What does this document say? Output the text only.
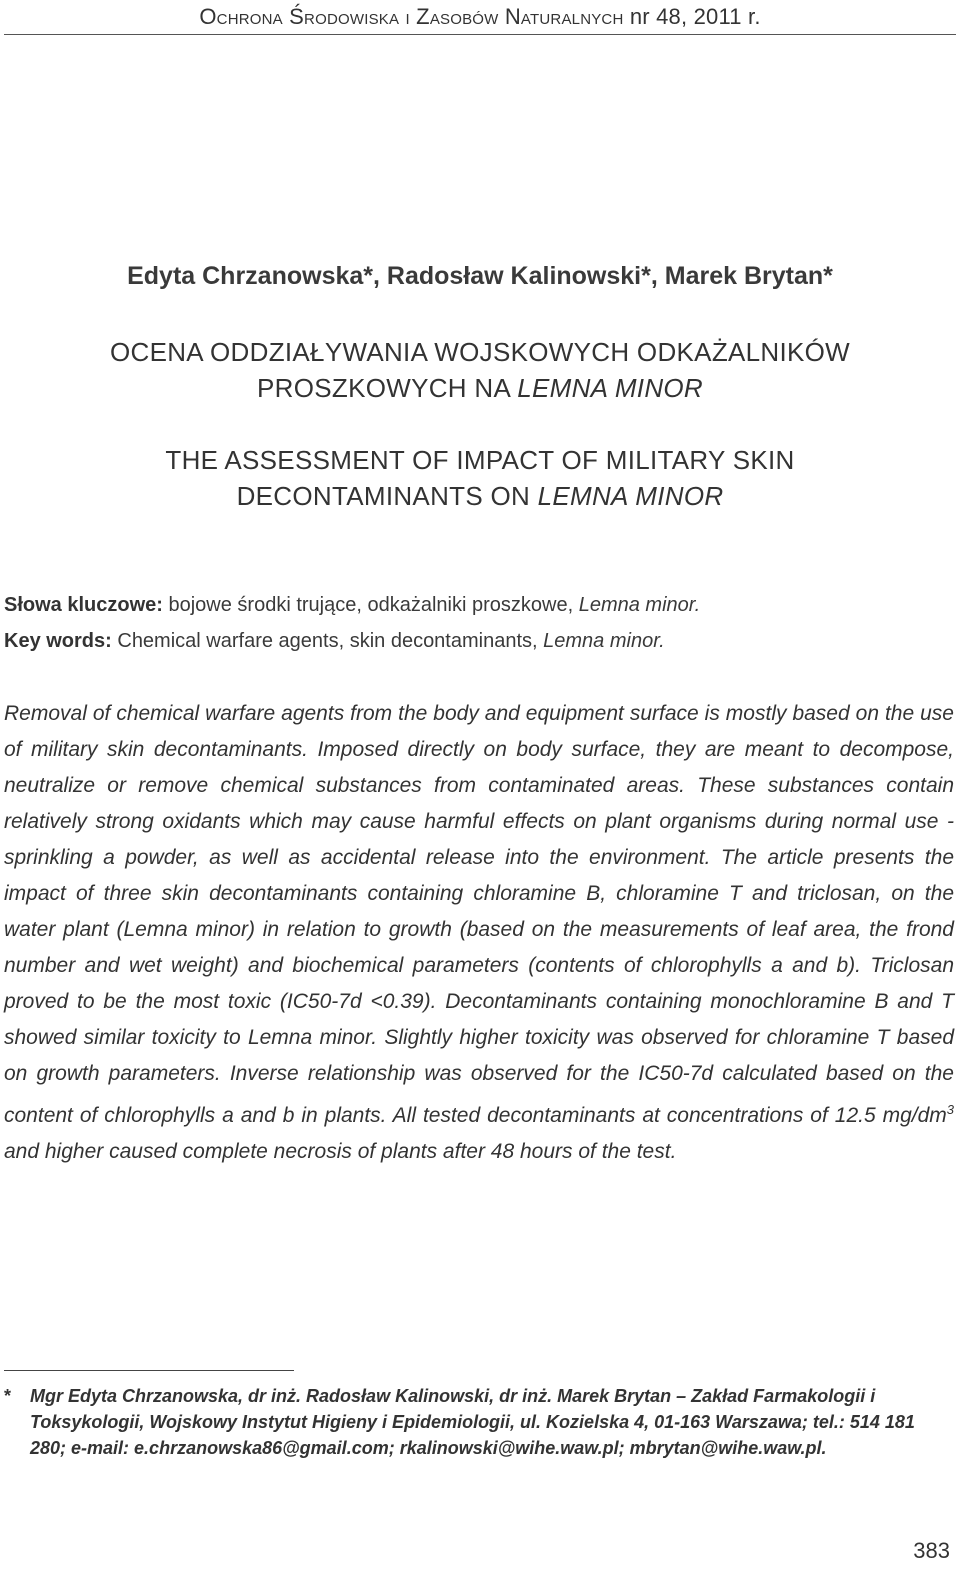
Ochrona Środowiska i Zasobów Naturalnych nr 48, 2011 r.
Edyta Chrzanowska*, Radosław Kalinowski*, Marek Brytan*
OCENA ODDZIAŁYWANIA WOJSKOWYCH ODKAŻALNIKÓW
PROSZKOWYCH NA LEMNA MINOR
THE ASSESSMENT OF IMPACT OF MILITARY SKIN
DECONTAMINANTS ON LEMNA MINOR
Słowa kluczowe: bojowe środki trujące, odkażalniki proszkowe, Lemna minor.
Key words: Chemical warfare agents, skin decontaminants, Lemna minor.
Removal of chemical warfare agents from the body and equipment surface is mostly based on the use of military skin decontaminants. Imposed directly on body surface, they are meant to decompose, neutralize or remove chemical substances from contaminated areas. These substances contain relatively strong oxidants which may cause harmful effects on plant organisms during normal use - sprinkling a powder, as well as accidental release into the environment. The article presents the impact of three skin decontaminants containing chloramine B, chloramine T and triclosan, on the water plant (Lemna minor) in relation to growth (based on the measurements of leaf area, the frond number and wet weight) and biochemical parameters (contents of chlorophylls a and b). Triclosan proved to be the most toxic (IC50-7d <0.39). Decontaminants containing monochloramine B and T showed similar toxicity to Lemna minor. Slightly higher toxicity was observed for chloramine T based on growth parameters. Inverse relationship was observed for the IC50-7d calculated based on the content of chlorophylls a and b in plants. All tested decontaminants at concentrations of 12.5 $mg/dm^3$ and higher caused complete necrosis of plants after 48 hours of the test.
* Mgr Edyta Chrzanowska, dr inż. Radosław Kalinowski, dr inż. Marek Brytan – Zakład Farmakologii i Toksykologii, Wojskowy Instytut Higieny i Epidemiologii, ul. Kozielska 4, 01-163 Warszawa; tel.: 514 181 280; e-mail: e.chrzanowska86@gmail.com; rkalinowski@wihe.waw.pl; mbrytan@wihe.waw.pl.
383
